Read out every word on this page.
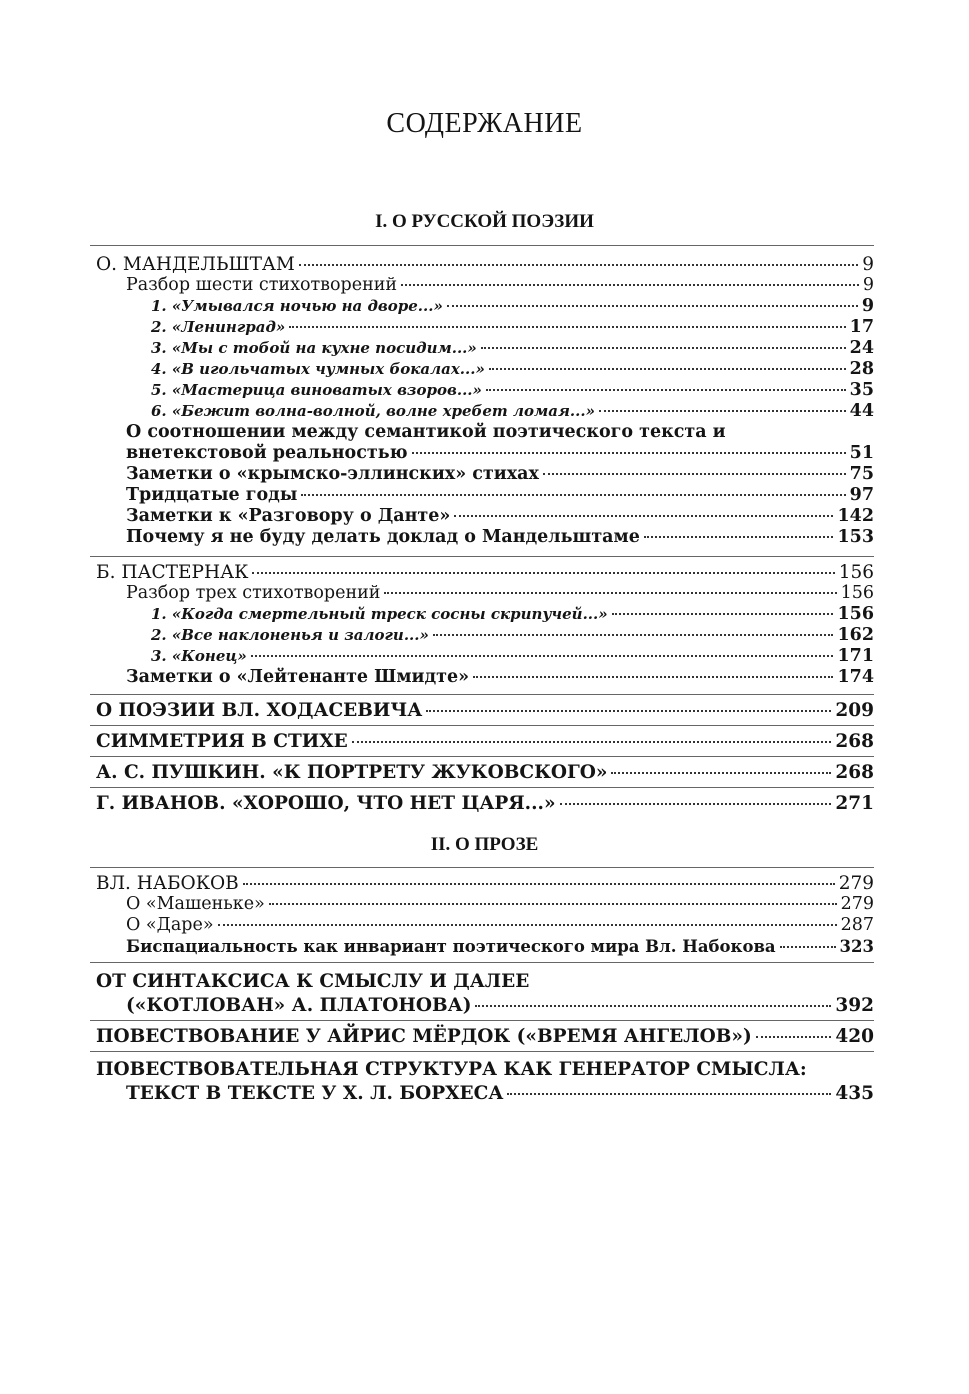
СОДЕРЖАНИЕ
I. О РУССКОЙ ПОЭЗИИ
О. МАНДЕЛЬШТАМ	9
Разбор шести стихотворений	9
1. «Умывался ночью на дворе...»	9
2. «Ленинград»	17
3. «Мы с тобой на кухне посидим...»	24
4. «В игольчатых чумных бокалах...»	28
5. «Мастерица виноватых взоров...»	35
6. «Бежит волна-волной, волне хребет ломая...»	44
О соотношении между семантикой поэтического текста и
внетекстовой реальностью	51
Заметки о «крымско-эллинских» стихах	75
Тридцатые годы	97
Заметки к «Разговору о Данте»	142
Почему я не буду делать доклад о Мандельштаме	153
Б. ПАСТЕРНАК	156
Разбор трех стихотворений	156
1. «Когда смертельный треск сосны скрипучей...»	156
2. «Все наклоненья и залоги...»	162
3. «Конец»	171
Заметки о «Лейтенанте Шмидте»	174
О ПОЭЗИИ ВЛ. ХОДАСЕВИЧА	209
СИММЕТРИЯ В СТИХЕ	268
А. С. ПУШКИН. «К ПОРТРЕТУ ЖУКОВСКОГО»	268
Г. ИВАНОВ. «ХОРОШО, ЧТО НЕТ ЦАРЯ...»	271
II. О ПРОЗЕ
ВЛ. НАБОКОВ	279
О «Машеньке»	279
О «Даре»	287
Биспациальность как инвариант поэтического мира Вл. Набокова	323
ОТ СИНТАКСИСА К СМЫСЛУ И ДАЛЕЕ
(«КОТЛОВАН» А. ПЛАТОНОВА)	392
ПОВЕСТВОВАНИЕ У АЙРИС МЁРДОК («ВРЕМЯ АНГЕЛОВ»)	420
ПОВЕСТВОВАТЕЛЬНАЯ СТРУКТУРА КАК ГЕНЕРАТОР СМЫСЛА:
ТЕКСТ В ТЕКСТЕ У Х. Л. БОРХЕСА	435
